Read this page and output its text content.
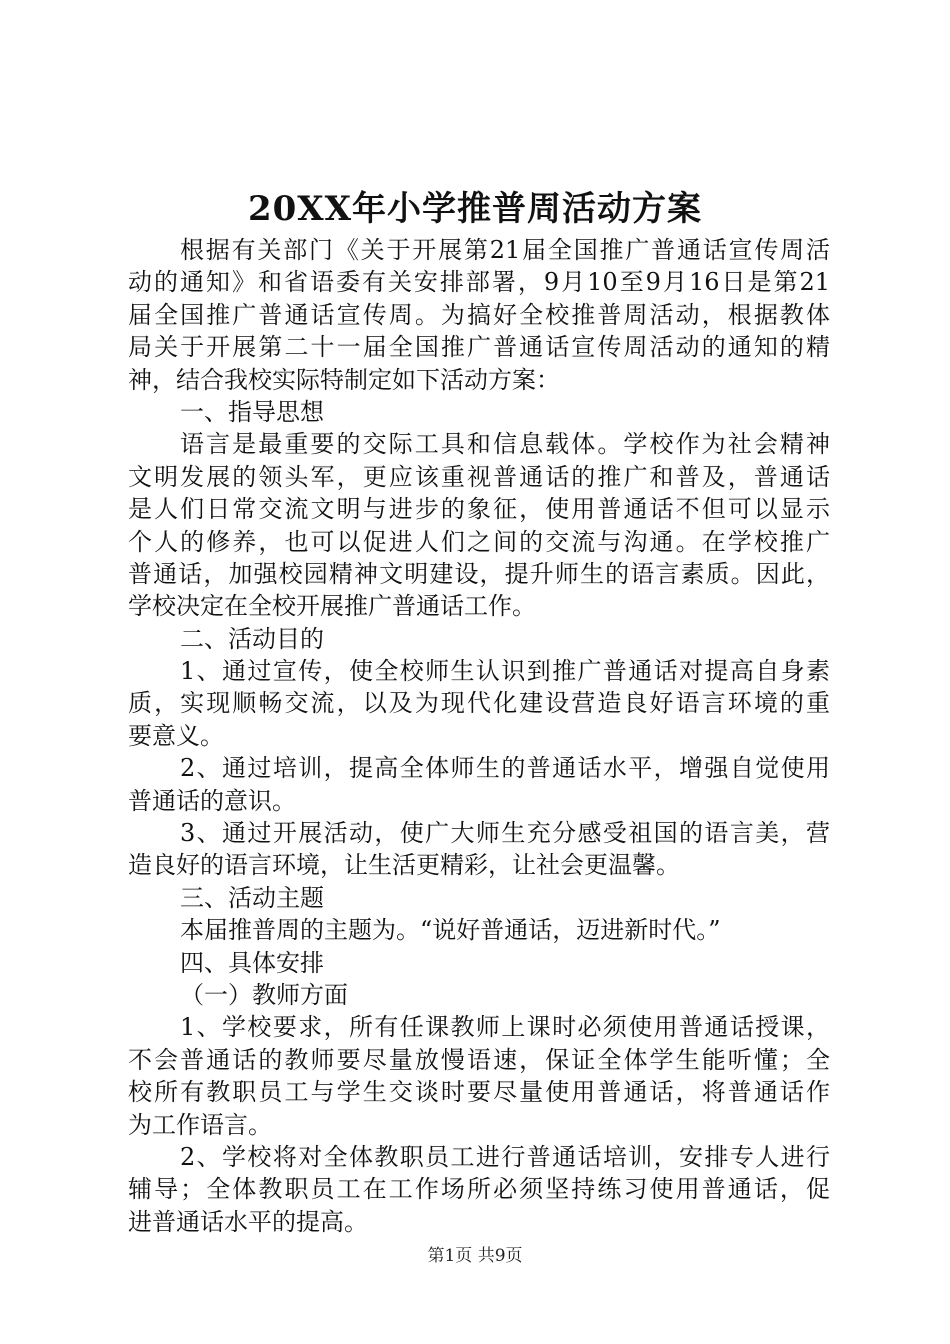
20XX年小学推普周活动方案
根据有关部门《关于开展第21届全国推广普通话宣传周活
动的通知》和省语委有关安排部署，9月10至9月16日是第21
届全国推广普通话宣传周。为搞好全校推普周活动，根据教体
局关于开展第二十一届全国推广普通话宣传周活动的通知的精
神，结合我校实际特制定如下活动方案：
一、指导思想
语言是最重要的交际工具和信息载体。学校作为社会精神
文明发展的领头军，更应该重视普通话的推广和普及，普通话
是人们日常交流文明与进步的象征，使用普通话不但可以显示
个人的修养，也可以促进人们之间的交流与沟通。在学校推广
普通话，加强校园精神文明建设，提升师生的语言素质。因此，
学校决定在全校开展推广普通话工作。
二、活动目的
1、通过宣传，使全校师生认识到推广普通话对提高自身素
质，实现顺畅交流，以及为现代化建设营造良好语言环境的重
要意义。
2、通过培训，提高全体师生的普通话水平，增强自觉使用
普通话的意识。
3、通过开展活动，使广大师生充分感受祖国的语言美，营
造良好的语言环境，让生活更精彩，让社会更温馨。
三、活动主题
本届推普周的主题为。“说好普通话，迈进新时代。”
四、具体安排
（一）教师方面
1、学校要求，所有任课教师上课时必须使用普通话授课，
不会普通话的教师要尽量放慢语速，保证全体学生能听懂；全
校所有教职员工与学生交谈时要尽量使用普通话，将普通话作
为工作语言。
2、学校将对全体教职员工进行普通话培训，安排专人进行
辅导；全体教职员工在工作场所必须坚持练习使用普通话，促
进普通话水平的提高。
第1页 共9页
